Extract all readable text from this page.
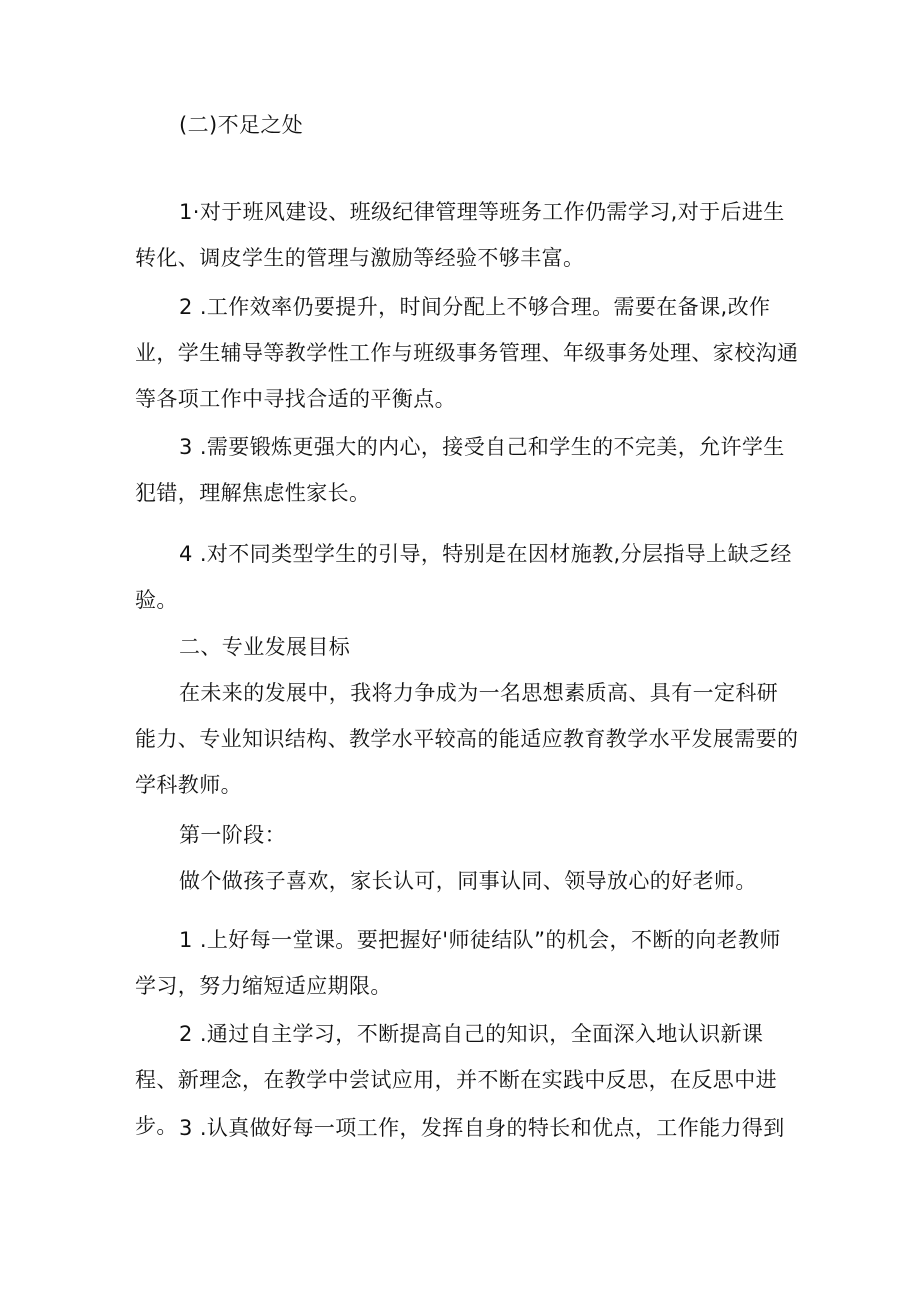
(二)不足之处

1·对于班风建设、班级纪律管理等班务工作仍需学习,对于后进生转化、调皮学生的管理与激励等经验不够丰富。

2 .工作效率仍要提升，时间分配上不够合理。需要在备课,改作业，学生辅导等教学性工作与班级事务管理、年级事务处理、家校沟通等各项工作中寻找合适的平衡点。

3 .需要锻炼更强大的内心，接受自己和学生的不完美，允许学生犯错，理解焦虑性家长。

4 .对不同类型学生的引导，特别是在因材施教,分层指导上缺乏经验。

二、专业发展目标

在未来的发展中，我将力争成为一名思想素质高、具有一定科研能力、专业知识结构、教学水平较高的能适应教育教学水平发展需要的学科教师。

第一阶段：

做个做孩子喜欢，家长认可，同事认同、领导放心的好老师。

1 .上好每一堂课。要把握好'师徒结队”的机会，不断的向老教师学习，努力缩短适应期限。

2 .通过自主学习，不断提高自己的知识，全面深入地认识新课程、新理念，在教学中尝试应用，并不断在实践中反思，在反思中进步。 3 .认真做好每一项工作，发挥自身的特长和优点，工作能力得到
